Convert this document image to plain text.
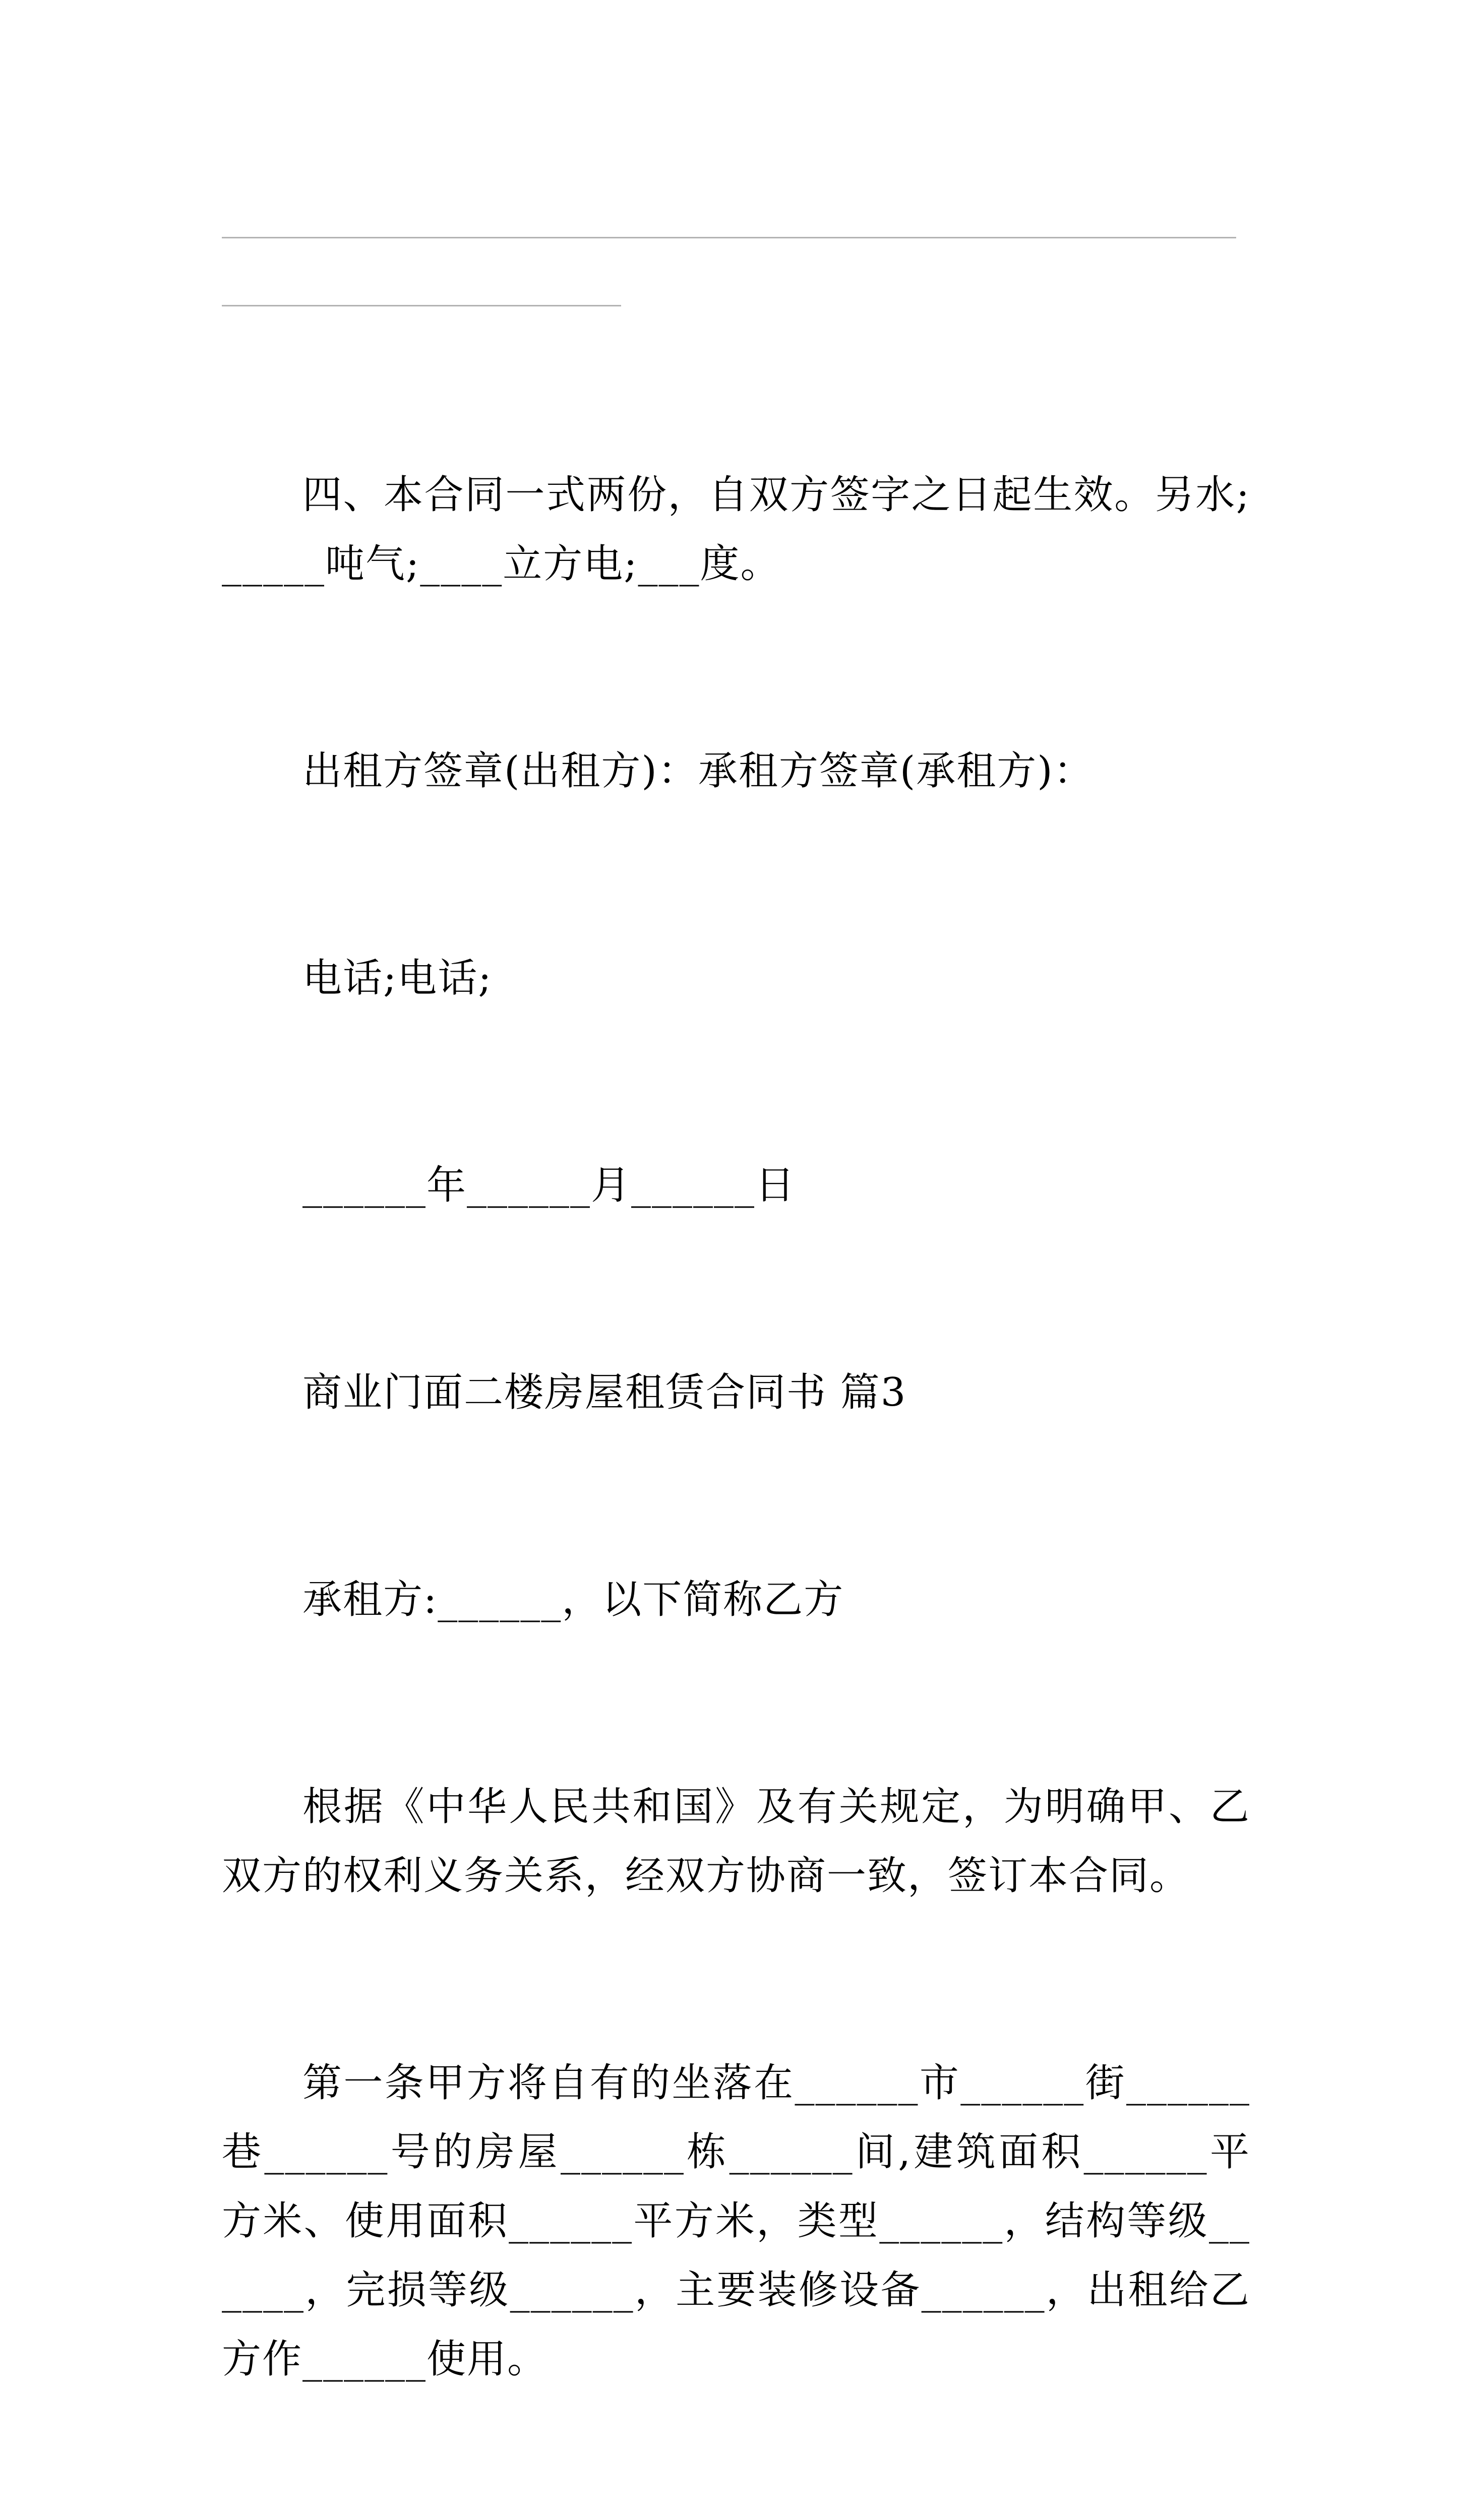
四、本合同一式两份，自双方签字之日起生效。另水;_____吨气;____立方电;___度。

出租方签章(出租方)：承租方签章(承租方)：

电话;电话;

______年______月______日

商业门面二楼房屋租赁合同书 篇3

承租方:______，以下简称乙方

根据《中华人民共和国》及有关规定，为明确甲、乙双方的权利义务关系，经双方协商一致，签订本合同。

第一条甲方将自有的坐落在______市______街______巷______号的房屋______栋______间,建筑面积______平方米、使用面积______平方米，类型______，结构等级______，完损等级______，主要装修设备______，出租给乙方作______使用。
